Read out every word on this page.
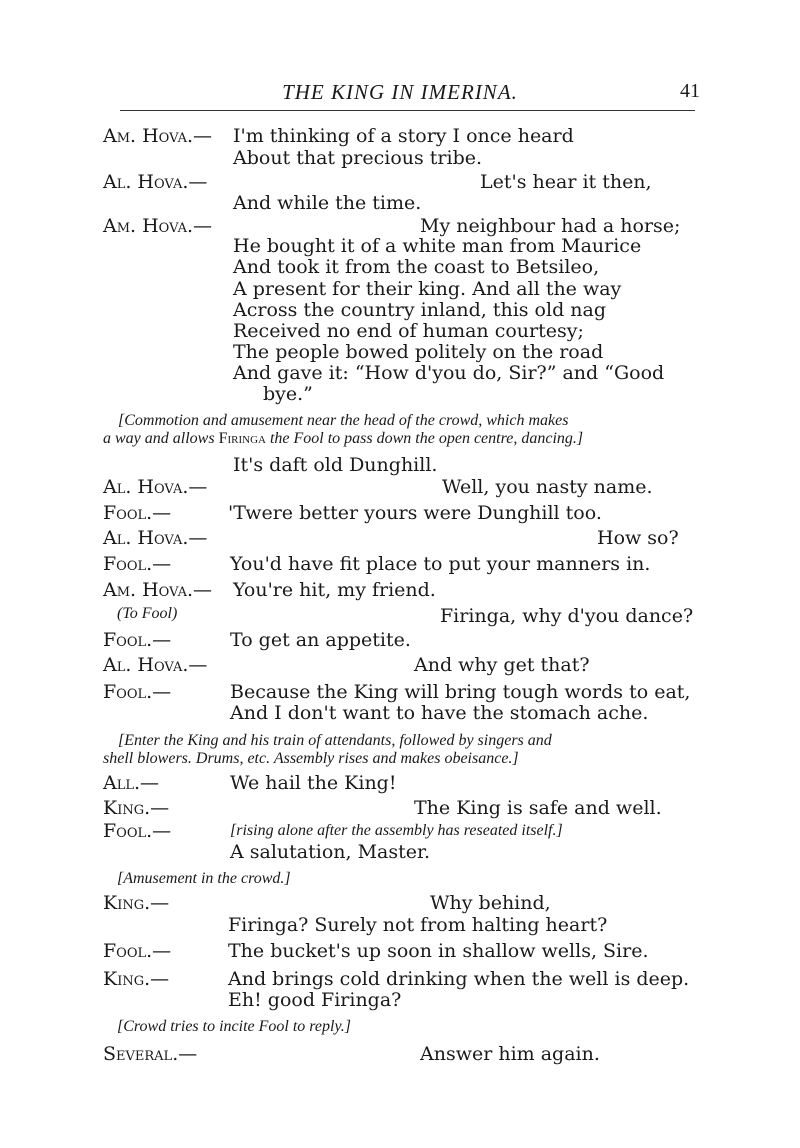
THE KING IN IMERINA.	41
Am. Hova.— I'm thinking of a story I once heard
About that precious tribe.
Al. Hova.—	Let's hear it then,
And while the time.
Am. Hova.—	My neighbour had a horse;
He bought it of a white man from Maurice
And took it from the coast to Betsileo,
A present for their king. And all the way
Across the country inland, this old nag
Received no end of human courtesy;
The people bowed politely on the road
And gave it: “How d'you do, Sir?” and “Good
bye.”
[Commotion and amusement near the head of the crowd, which makes
a way and allows Firinga the Fool to pass down the open centre, dancing.]
It's daft old Dunghill.
Al. Hova.—	Well, you nasty name.
Fool.—	'Twere better yours were Dunghill too.
Al. Hova.—	How so?
Fool.—	You'd have fit place to put your manners in.
Am. Hova.— You're hit, my friend.
(To Fool)	Firinga, why d'you dance?
Fool.—	To get an appetite.
Al. Hova.—	And why get that?
Fool.—	Because the King will bring tough words to eat,
And I don't want to have the stomach ache.
[Enter the King and his train of attendants, followed by singers and
shell blowers. Drums, etc. Assembly rises and makes obeisance.]
All.—	We hail the King!
King.—	The King is safe and well.
Fool.—	[rising alone after the assembly has reseated itself.]
A salutation, Master.
[Amusement in the crowd.]
King.—	Why behind,
Firinga? Surely not from halting heart?
Fool.—	The bucket's up soon in shallow wells, Sire.
King.—	And brings cold drinking when the well is deep.
Eh! good Firinga?
[Crowd tries to incite Fool to reply.]
Several.—	Answer him again.
